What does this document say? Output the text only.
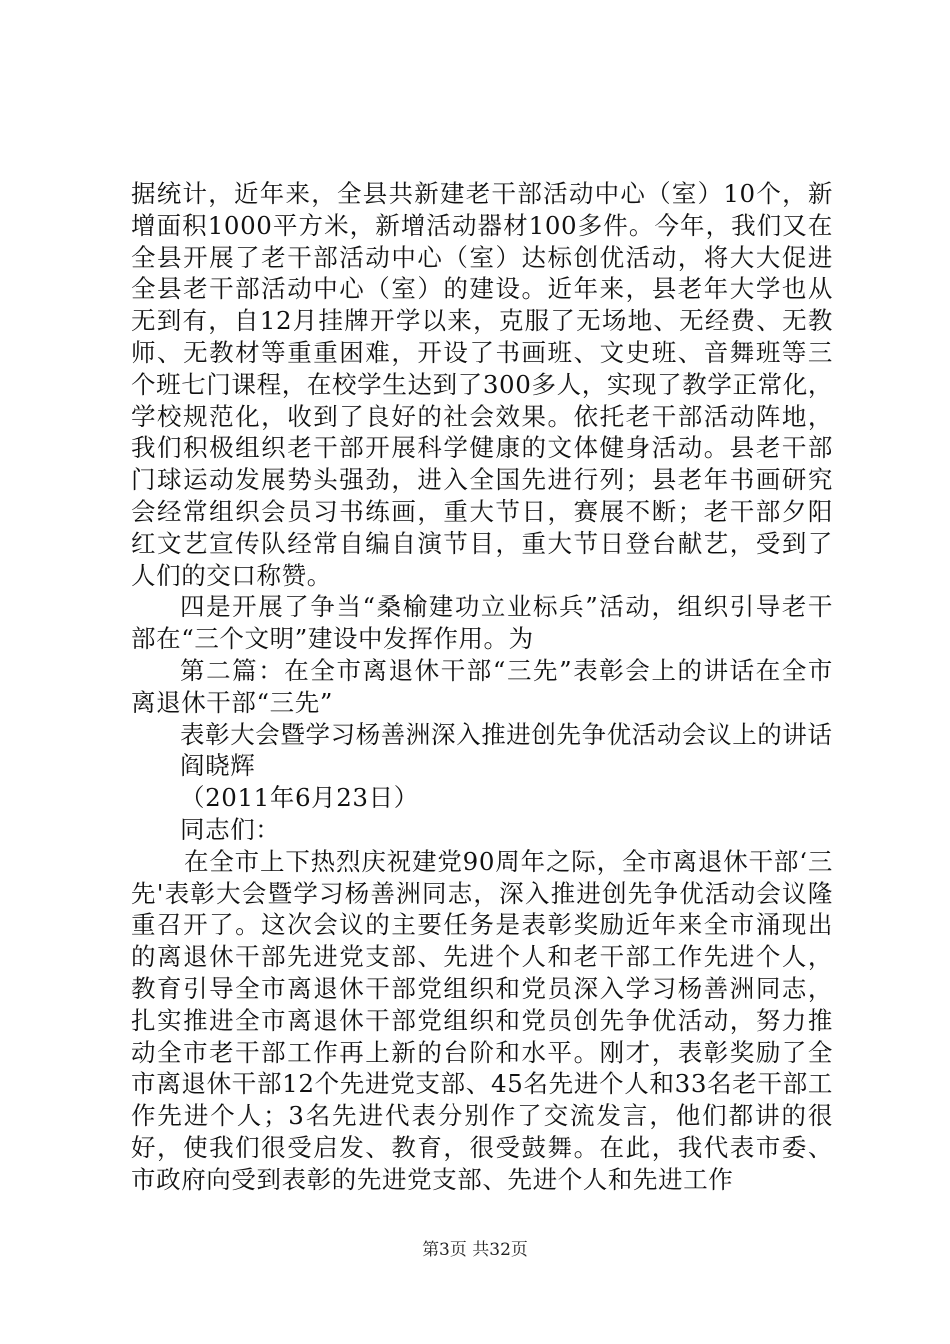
据统计，近年来，全县共新建老干部活动中心（室）10个，新增面积1000平方米，新增活动器材100多件。今年，我们又在全县开展了老干部活动中心（室）达标创优活动，将大大促进全县老干部活动中心（室）的建设。近年来，县老年大学也从无到有，自12月挂牌开学以来，克服了无场地、无经费、无教师、无教材等重重困难，开设了书画班、文史班、音舞班等三个班七门课程，在校学生达到了300多人，实现了教学正常化，学校规范化，收到了良好的社会效果。依托老干部活动阵地，我们积极组织老干部开展科学健康的文体健身活动。县老干部门球运动发展势头强劲，进入全国先进行列；县老年书画研究会经常组织会员习书练画，重大节日，赛展不断；老干部夕阳红文艺宣传队经常自编自演节目，重大节日登台献艺，受到了人们的交口称赞。

四是开展了争当“桑榆建功立业标兵”活动，组织引导老干部在“三个文明”建设中发挥作用。为

第二篇：在全市离退休干部“三先”表彰会上的讲话在全市离退休干部“三先”

表彰大会暨学习杨善洲深入推进创先争优活动会议上的讲话

阎晓辉

（2011年6月23日）

同志们：

在全市上下热烈庆祝建党90周年之际，全市离退休干部‘三先'表彰大会暨学习杨善洲同志，深入推进创先争优活动会议隆重召开了。这次会议的主要任务是表彰奖励近年来全市涌现出的离退休干部先进党支部、先进个人和老干部工作先进个人，教育引导全市离退休干部党组织和党员深入学习杨善洲同志，扎实推进全市离退休干部党组织和党员创先争优活动，努力推动全市老干部工作再上新的台阶和水平。刚才，表彰奖励了全市离退休干部12个先进党支部、45名先进个人和33名老干部工作先进个人；3名先进代表分别作了交流发言，他们都讲的很好，使我们很受启发、教育，很受鼓舞。在此，我代表市委、市政府向受到表彰的先进党支部、先进个人和先进工作

第3页 共32页
